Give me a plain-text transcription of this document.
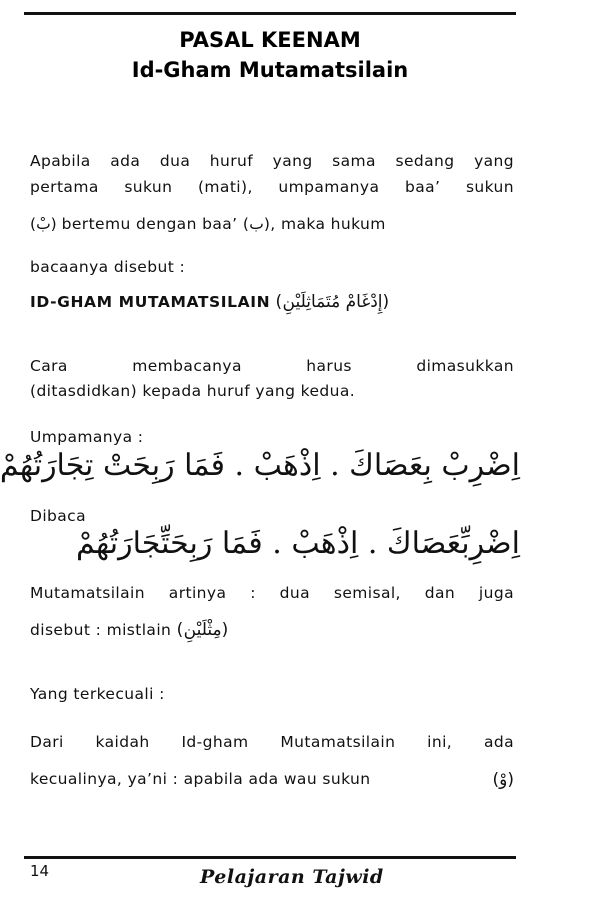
PASAL KEENAM
Id-Gham Mutamatsilain
Apabila ada dua huruf yang sama sedang yang
pertama sukun (mati), umpamanya baa’ sukun
(بْ) bertemu dengan baa’ (ب), maka hukum
bacaanya disebut :
ID-GHAM MUTAMATSILAIN (إِدْغَامْ مُتَمَاثِلَيْنِ)
Cara	membacanya	harus	dimasukkan
(ditasdidkan) kepada huruf yang kedua.
Umpamanya :
اِضْرِبْ بِعَصَاكَ . اِذْهَبْ . فَمَا رَبِحَتْ تِجَارَتُهُمْ
Dibaca
اِضْرِبِّعَصَاكَ . اِذْهَبْ . فَمَا رَبِحَتِّجَارَتُهُمْ
Mutamatsilain artinya : dua semisal, dan juga
disebut : mistlain (مِثْلَيْنِ)
Yang terkecuali :
Dari kaidah Id-gham Mutamatsilain ini, ada
kecualinya, ya’ni : apabila ada wau sukun	(وْ)
14	Pelajaran Tajwid
